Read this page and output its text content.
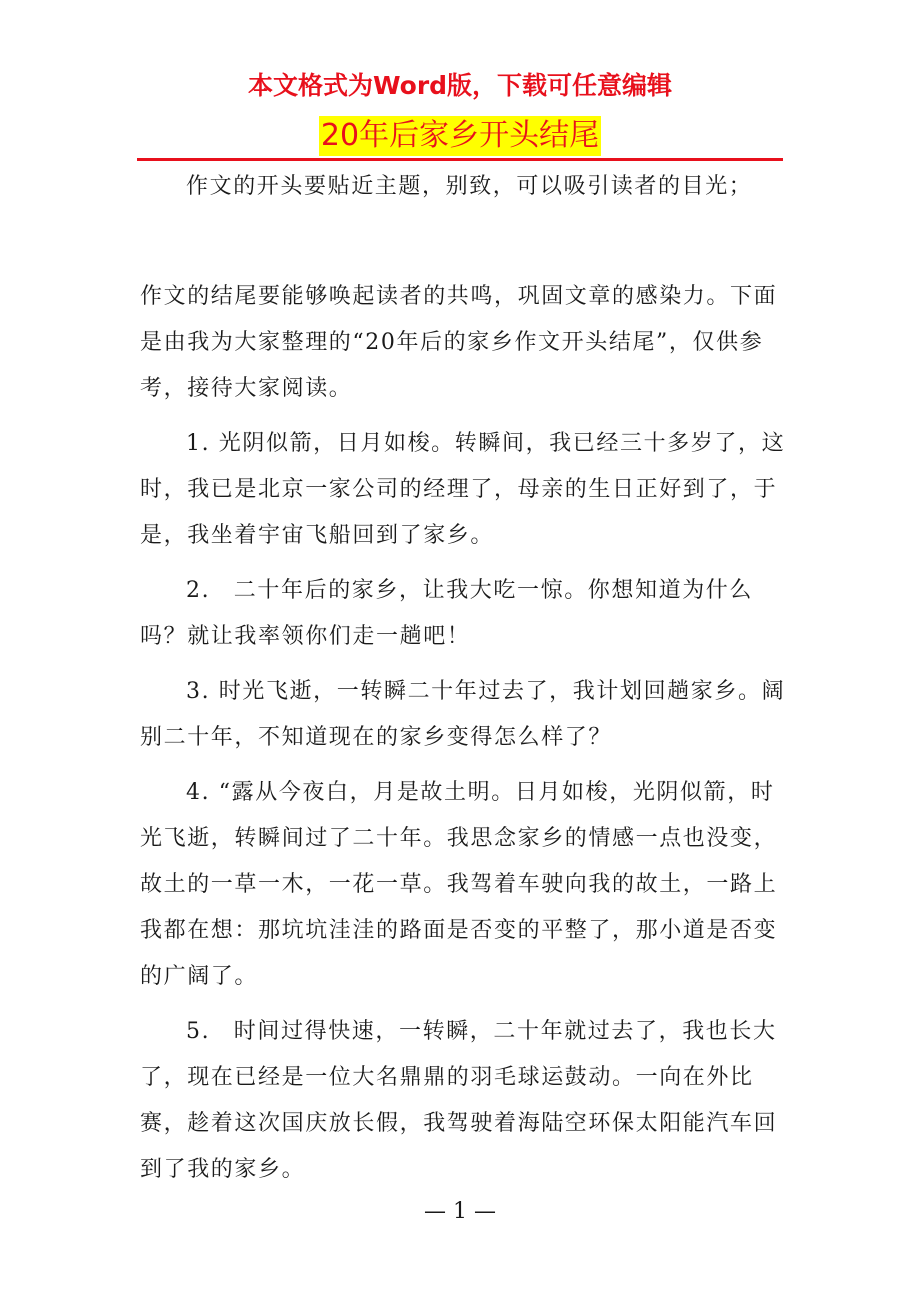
本文格式为Word版，下载可任意编辑
20年后家乡开头结尾

作文的开头要贴近主题，别致，可以吸引读者的目光；

作文的结尾要能够唤起读者的共鸣，巩固文章的感染力。下面是由我为大家整理的“20年后的家乡作文开头结尾”，仅供参考，接待大家阅读。

1. 光阴似箭，日月如梭。转瞬间，我已经三十多岁了，这时，我已是北京一家公司的经理了，母亲的生日正好到了，于是，我坐着宇宙飞船回到了家乡。

2.　二十年后的家乡，让我大吃一惊。你想知道为什么吗？就让我率领你们走一趟吧！

3. 时光飞逝，一转瞬二十年过去了，我计划回趟家乡。阔别二十年，不知道现在的家乡变得怎么样了？

4. “露从今夜白，月是故土明。日月如梭，光阴似箭，时光飞逝，转瞬间过了二十年。我思念家乡的情感一点也没变，故土的一草一木，一花一草。我驾着车驶向我的故土，一路上我都在想：那坑坑洼洼的路面是否变的平整了，那小道是否变的广阔了。

5.　时间过得快速，一转瞬，二十年就过去了，我也长大了，现在已经是一位大名鼎鼎的羽毛球运鼓动。一向在外比赛，趁着这次国庆放长假，我驾驶着海陆空环保太阳能汽车回到了我的家乡。

— 1 —
